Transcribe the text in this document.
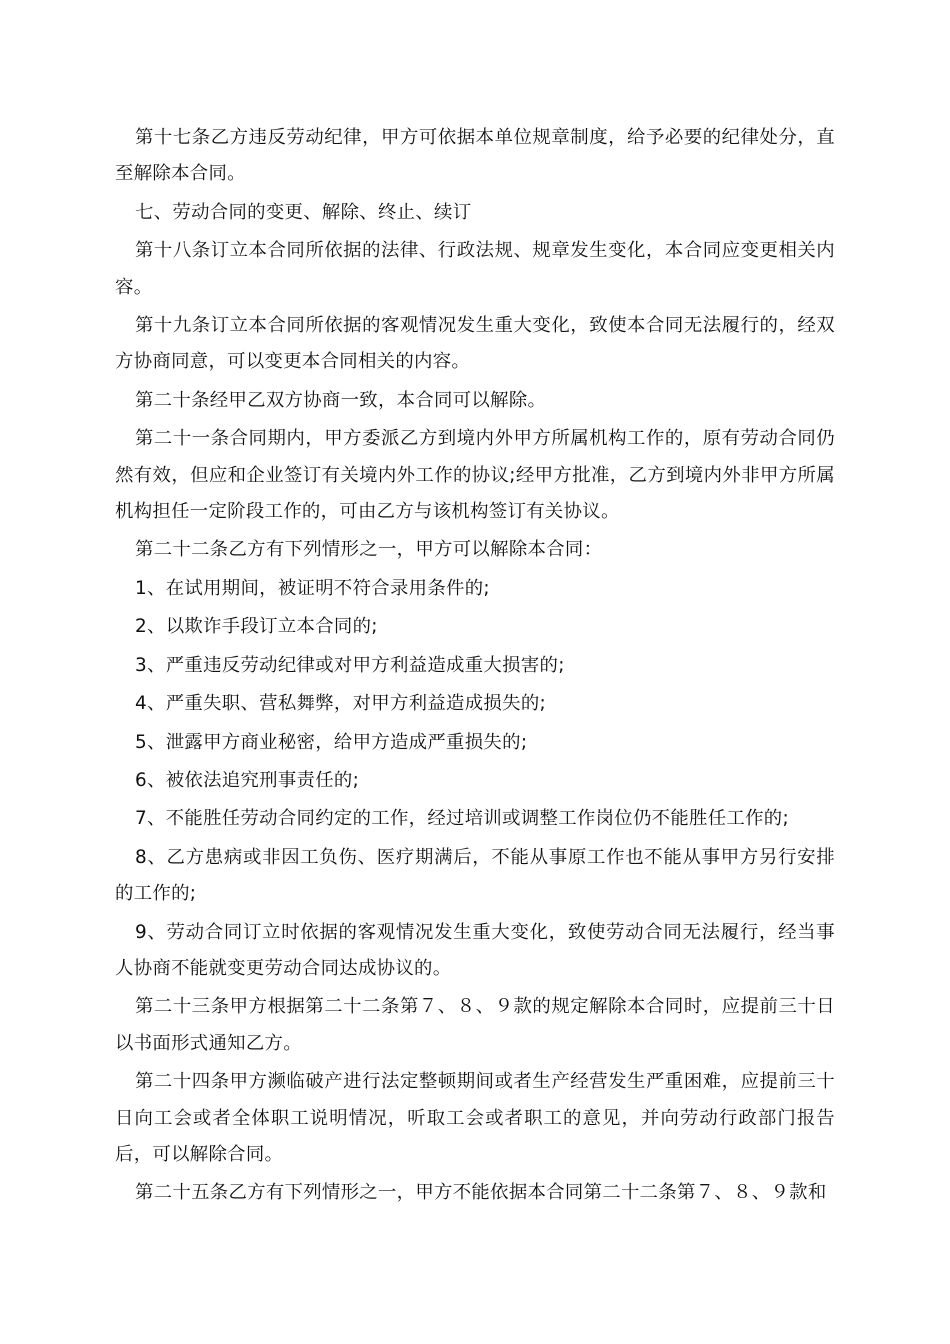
第十七条乙方违反劳动纪律，甲方可依据本单位规章制度，给予必要的纪律处分，直至解除本合同。

七、劳动合同的变更、解除、终止、续订

第十八条订立本合同所依据的法律、行政法规、规章发生变化，本合同应变更相关内容。

第十九条订立本合同所依据的客观情况发生重大变化，致使本合同无法履行的，经双方协商同意，可以变更本合同相关的内容。

第二十条经甲乙双方协商一致，本合同可以解除。

第二十一条合同期内，甲方委派乙方到境内外甲方所属机构工作的，原有劳动合同仍然有效，但应和企业签订有关境内外工作的协议;经甲方批准，乙方到境内外非甲方所属机构担任一定阶段工作的，可由乙方与该机构签订有关协议。

第二十二条乙方有下列情形之一，甲方可以解除本合同：

1、在试用期间，被证明不符合录用条件的;

2、以欺诈手段订立本合同的;

3、严重违反劳动纪律或对甲方利益造成重大损害的;

4、严重失职、营私舞弊，对甲方利益造成损失的;

5、泄露甲方商业秘密，给甲方造成严重损失的;

6、被依法追究刑事责任的;

7、不能胜任劳动合同约定的工作，经过培训或调整工作岗位仍不能胜任工作的;

8、乙方患病或非因工负伤、医疗期满后，不能从事原工作也不能从事甲方另行安排的工作的;

9、劳动合同订立时依据的客观情况发生重大变化，致使劳动合同无法履行，经当事人协商不能就变更劳动合同达成协议的。

第二十三条甲方根据第二十二条第７、８、９款的规定解除本合同时，应提前三十日以书面形式通知乙方。

第二十四条甲方濒临破产进行法定整顿期间或者生产经营发生严重困难，应提前三十日向工会或者全体职工说明情况，听取工会或者职工的意见，并向劳动行政部门报告后，可以解除合同。

第二十五条乙方有下列情形之一，甲方不能依据本合同第二十二条第７、８、９款和
